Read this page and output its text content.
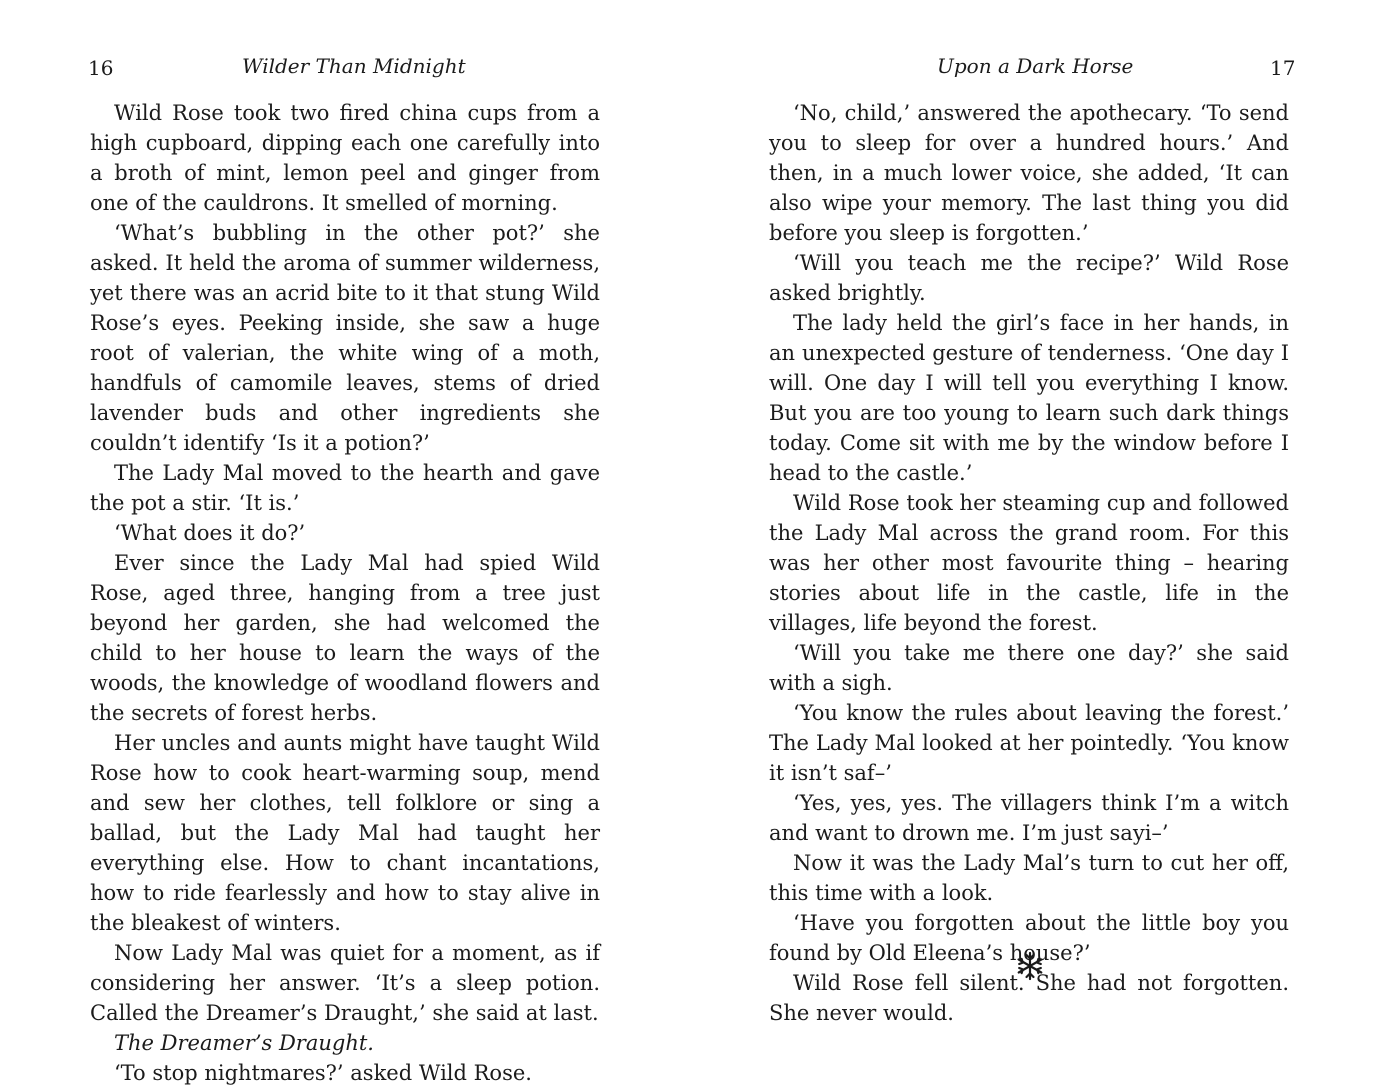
16	Wilder Than Midnight

Wild Rose took two fired china cups from a high cupboard, dipping each one carefully into a broth of mint, lemon peel and ginger from one of the cauldrons. It smelled of morning.

‘What’s bubbling in the other pot?’ she asked. It held the aroma of summer wilderness, yet there was an acrid bite to it that stung Wild Rose’s eyes. Peeking inside, she saw a huge root of valerian, the white wing of a moth, handfuls of camomile leaves, stems of dried lavender buds and other ingredients she couldn’t identify ‘Is it a potion?’

The Lady Mal moved to the hearth and gave the pot a stir. ‘It is.’

‘What does it do?’

Ever since the Lady Mal had spied Wild Rose, aged three, hanging from a tree just beyond her garden, she had welcomed the child to her house to learn the ways of the woods, the knowledge of woodland flowers and the secrets of forest herbs.

Her uncles and aunts might have taught Wild Rose how to cook heart-warming soup, mend and sew her clothes, tell folklore or sing a ballad, but the Lady Mal had taught her everything else. How to chant incantations, how to ride fearlessly and how to stay alive in the bleakest of winters.

Now Lady Mal was quiet for a moment, as if considering her answer. ‘It’s a sleep potion. Called the Dreamer’s Draught,’ she said at last.

The Dreamer’s Draught.

‘To stop nightmares?’ asked Wild Rose.

Upon a Dark Horse	17

‘No, child,’ answered the apothecary. ‘To send you to sleep for over a hundred hours.’ And then, in a much lower voice, she added, ‘It can also wipe your memory. The last thing you did before you sleep is forgotten.’

‘Will you teach me the recipe?’ Wild Rose asked brightly.

The lady held the girl’s face in her hands, in an unexpected gesture of tenderness. ‘One day I will. One day I will tell you everything I know. But you are too young to learn such dark things today. Come sit with me by the window before I head to the castle.’

Wild Rose took her steaming cup and followed the Lady Mal across the grand room. For this was her other most favourite thing – hearing stories about life in the castle, life in the villages, life beyond the forest.

‘Will you take me there one day?’ she said with a sigh.

‘You know the rules about leaving the forest.’ The Lady Mal looked at her pointedly. ‘You know it isn’t saf–’

‘Yes, yes, yes. The villagers think I’m a witch and want to drown me. I’m just sayi–’

Now it was the Lady Mal’s turn to cut her off, this time with a look.

‘Have you forgotten about the little boy you found by Old Eleena’s house?’

Wild Rose fell silent. She had not forgotten. She never would.
